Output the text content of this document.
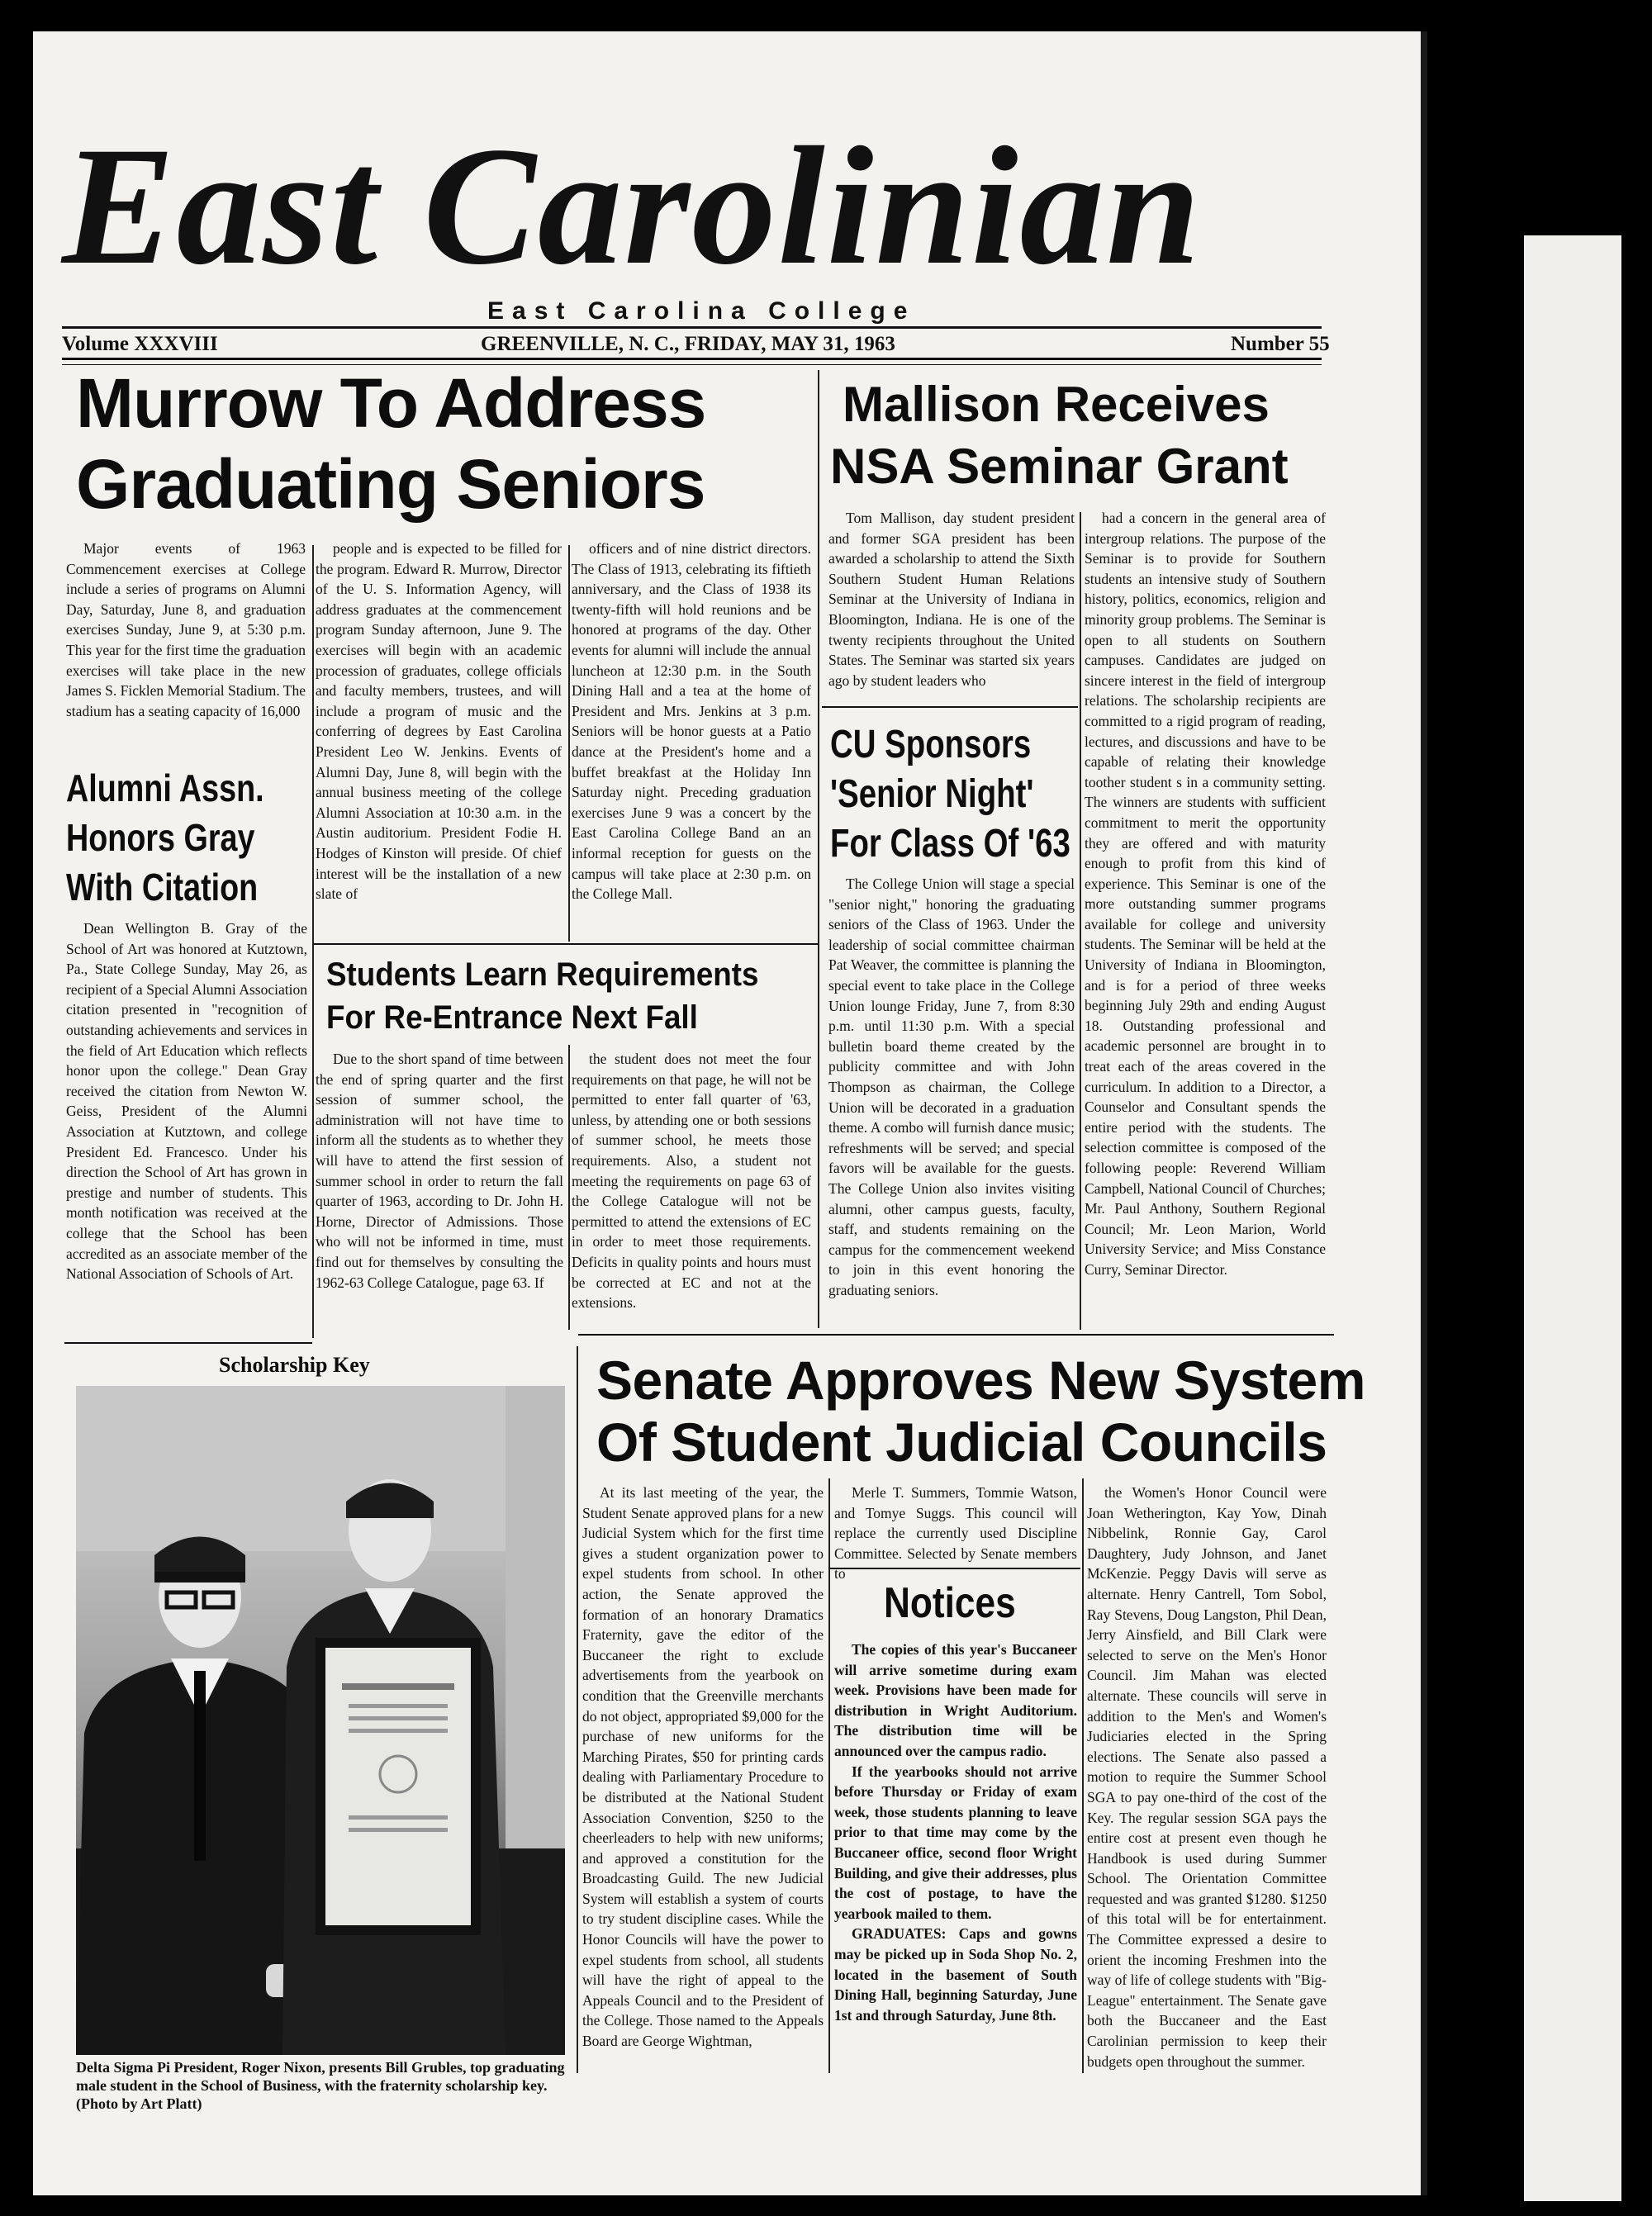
East Carolinian
East Carolina College
Volume XXXVIII	GREENVILLE, N. C., FRIDAY, MAY 31, 1963	Number 55
Murrow To Address
Graduating Seniors

Major events of 1963 Commencement exercises at College include a series of programs on Alumni Day, Saturday, June 8, and graduation exercises Sunday, June 9, at 5:30 p.m. This year for the first time the graduation exercises will take place in the new James S. Ficklen Memorial Stadium. The stadium has a seating capacity of 16,000

people and is expected to be filled for the program. Edward R. Murrow, Director of the U. S. Information Agency, will address graduates at the commencement program Sunday afternoon, June 9. The exercises will begin with an academic procession of graduates, college officials and faculty members, trustees, and will include a program of music and the conferring of degrees by East Carolina President Leo W. Jenkins. Events of Alumni Day, June 8, will begin with the annual business meeting of the college Alumni Association at 10:30 a.m. in the Austin auditorium. President Fodie H. Hodges of Kinston will preside. Of chief interest will be the installation of a new slate of

officers and of nine district directors. The Class of 1913, celebrating its fiftieth anniversary, and the Class of 1938 its twenty-fifth will hold reunions and be honored at programs of the day. Other events for alumni will include the annual luncheon at 12:30 p.m. in the South Dining Hall and a tea at the home of President and Mrs. Jenkins at 3 p.m. Seniors will be honor guests at a Patio dance at the President's home and a buffet breakfast at the Holiday Inn Saturday night. Preceding graduation exercises June 9 was a concert by the East Carolina College Band an an informal reception for guests on the campus will take place at 2:30 p.m. on the College Mall.

Alumni Assn.
Honors Gray
With Citation

Dean Wellington B. Gray of the School of Art was honored at Kutztown, Pa., State College Sunday, May 26, as recipient of a Special Alumni Association citation presented in "recognition of outstanding achievements and services in the field of Art Education which reflects honor upon the college." Dean Gray received the citation from Newton W. Geiss, President of the Alumni Association at Kutztown, and college President Ed. Francesco. Under his direction the School of Art has grown in prestige and number of students. This month notification was received at the college that the School has been accredited as an associate member of the National Association of Schools of Art.

Students Learn Requirements
For Re-Entrance Next Fall

Due to the short spand of time between the end of spring quarter and the first session of summer school, the administration will not have time to inform all the students as to whether they will have to attend the first session of summer school in order to return the fall quarter of 1963, according to Dr. John H. Horne, Director of Admissions. Those who will not be informed in time, must find out for themselves by consulting the 1962-63 College Catalogue, page 63. If

the student does not meet the four requirements on that page, he will not be permitted to enter fall quarter of '63, unless, by attending one or both sessions of summer school, he meets those requirements. Also, a student not meeting the requirements on page 63 of the College Catalogue will not be permitted to attend the extensions of EC in order to meet those requirements. Deficits in quality points and hours must be corrected at EC and not at the extensions.

Mallison Receives
NSA Seminar Grant

Tom Mallison, day student president and former SGA president has been awarded a scholarship to attend the Sixth Southern Student Human Relations Seminar at the University of Indiana in Bloomington, Indiana. He is one of the twenty recipients throughout the United States. The Seminar was started six years ago by student leaders who

had a concern in the general area of intergroup relations. The purpose of the Seminar is to provide for Southern students an intensive study of Southern history, politics, economics, religion and minority group problems. The Seminar is open to all students on Southern campuses. Candidates are judged on sincere interest in the field of intergroup relations. The scholarship recipients are committed to a rigid program of reading, lectures, and discussions and have to be capable of relating their knowledge toother student s in a community setting. The winners are students with sufficient commitment to merit the opportunity they are offered and with maturity enough to profit from this kind of experience. This Seminar is one of the more outstanding summer programs available for college and university students. The Seminar will be held at the University of Indiana in Bloomington, and is for a period of three weeks beginning July 29th and ending August 18. Outstanding professional and academic personnel are brought in to treat each of the areas covered in the curriculum. In addition to a Director, a Counselor and Consultant spends the entire period with the students. The selection committee is composed of the following people: Reverend William Campbell, National Council of Churches; Mr. Paul Anthony, Southern Regional Council; Mr. Leon Marion, World University Service; and Miss Constance Curry, Seminar Director.

CU Sponsors
'Senior Night'
For Class Of '63

The College Union will stage a special "senior night," honoring the graduating seniors of the Class of 1963. Under the leadership of social committee chairman Pat Weaver, the committee is planning the special event to take place in the College Union lounge Friday, June 7, from 8:30 p.m. until 11:30 p.m. With a special bulletin board theme created by the publicity committee and with John Thompson as chairman, the College Union will be decorated in a graduation theme. A combo will furnish dance music; refreshments will be served; and special favors will be available for the guests. The College Union also invites visiting alumni, other campus guests, faculty, staff, and students remaining on the campus for the commencement weekend to join in this event honoring the graduating seniors.

Scholarship Key
Delta Sigma Pi President, Roger Nixon, presents Bill Grubles, top graduating male student in the School of Business, with the fraternity scholarship key. (Photo by Art Platt)
Senate Approves New System
Of Student Judicial Councils

At its last meeting of the year, the Student Senate approved plans for a new Judicial System which for the first time gives a student organization power to expel students from school. In other action, the Senate approved the formation of an honorary Dramatics Fraternity, gave the editor of the Buccaneer the right to exclude advertisements from the yearbook on condition that the Greenville merchants do not object, appropriated $9,000 for the purchase of new uniforms for the Marching Pirates, $50 for printing cards dealing with Parliamentary Procedure to be distributed at the National Student Association Convention, $250 to the cheerleaders to help with new uniforms; and approved a constitution for the Broadcasting Guild. The new Judicial System will establish a system of courts to try student discipline cases. While the Honor Councils will have the power to expel students from school, all students will have the right of appeal to the Appeals Council and to the President of the College. Those named to the Appeals Board are George Wightman,

Merle T. Summers, Tommie Watson, and Tomye Suggs. This council will replace the currently used Discipline Committee. Selected by Senate members to

the Women's Honor Council were Joan Wetherington, Kay Yow, Dinah Nibbelink, Ronnie Gay, Carol Daughtery, Judy Johnson, and Janet McKenzie. Peggy Davis will serve as alternate. Henry Cantrell, Tom Sobol, Ray Stevens, Doug Langston, Phil Dean, Jerry Ainsfield, and Bill Clark were selected to serve on the Men's Honor Council. Jim Mahan was elected alternate. These councils will serve in addition to the Men's and Women's Judiciaries elected in the Spring elections. The Senate also passed a motion to require the Summer School SGA to pay one-third of the cost of the Key. The regular session SGA pays the entire cost at present even though he Handbook is used during Summer School. The Orientation Committee requested and was granted $1280. $1250 of this total will be for entertainment. The Committee expressed a desire to orient the incoming Freshmen into the way of life of college students with "Big-League" entertainment. The Senate gave both the Buccaneer and the East Carolinian permission to keep their budgets open throughout the summer.

Notices

The copies of this year's Buccaneer will arrive sometime during exam week. Provisions have been made for distribution in Wright Auditorium. The distribution time will be announced over the campus radio.

If the yearbooks should not arrive before Thursday or Friday of exam week, those students planning to leave prior to that time may come by the Buccaneer office, second floor Wright Building, and give their addresses, plus the cost of postage, to have the yearbook mailed to them.

GRADUATES: Caps and gowns may be picked up in Soda Shop No. 2, located in the basement of South Dining Hall, beginning Saturday, June 1st and through Saturday, June 8th.
